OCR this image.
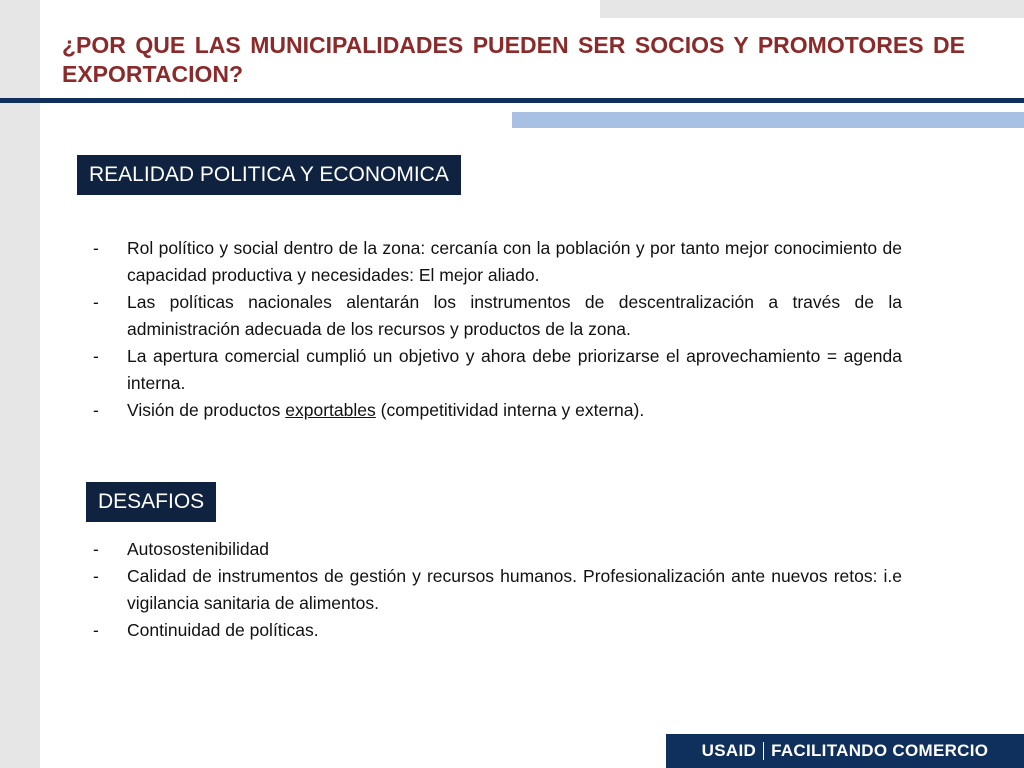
¿POR QUE LAS MUNICIPALIDADES PUEDEN SER SOCIOS Y PROMOTORES DE EXPORTACION?
REALIDAD POLITICA Y ECONOMICA
- Rol político y social dentro de la zona: cercanía con la población y por tanto mejor conocimiento de capacidad productiva y necesidades: El mejor aliado.
- Las políticas nacionales alentarán los instrumentos de descentralización a través de la administración adecuada de los recursos y productos de la zona.
- La apertura comercial cumplió un objetivo y ahora debe priorizarse el aprovechamiento = agenda interna.
- Visión de productos exportables (competitividad interna y externa).
DESAFIOS
- Autosostenibilidad
- Calidad de instrumentos de gestión y recursos humanos. Profesionalización ante nuevos retos: i.e vigilancia sanitaria de alimentos.
- Continuidad de políticas.
USAID FACILITANDO COMERCIO
